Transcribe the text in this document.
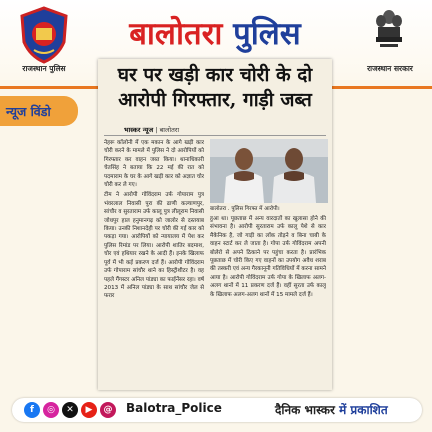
राजस्थान पुलिस
बालोतरा पुलिस
राजस्थान सरकार
न्यूज विंडो
घर पर खड़ी कार चोरी के दो आरोपी गिरफ्तार, गाड़ी जब्त
भास्कर न्यूज | बालोतरा

नेहरू कॉलोनी में एक मकान के आगे खड़ी कार चोरी करने के मामले में पुलिस ने दो आरोपियों को गिरफ्तार कर वाहन जब्त किया। थानाधिकारी चेतसिंह ने बताया कि 22 मई की रात को पदमाराम के घर के आगे खड़ी कार को अज्ञात चोर चोरी कर ले गए।

टीम ने आरोपी गोविंदराम उर्फ गोपाराम पुत्र भंवरलाल निवासी पुरा की ढाणी कल्याणपुर, सांचौर व सुरताराम उर्फ कालू पुत्र लीलूराम निवासी जोधपुर हाल हनुमानगढ़ को जालोर से दस्तयाब किया। उनकी निशानदेही पर चोरी की गई कार को पकड़ा गया। आरोपियों को न्यायालय में पेश कर पुलिस रिमांड पर लिया। आरोपी शातिर बदमाश, चोर एवं हथियार रखने के आदी हैं। इनके खिलाफ पूर्व में भी कई प्रकरण दर्ज हैं। आरोपी गोविंदराम उर्फ गोपाराम सांचौर थाने का हिस्ट्रीशीटर है। वह पहले गैंगस्टर अनिल पांड्या का फाईनेंसर रहा। वर्ष 2013 में अनिल पांड्या के साथ सांचौर जेल से फरार

बालोतरा . पुलिस गिरफ्त में आरोपी।

हुआ था। पूछताछ में अन्य वारदातों का खुलासा होने की संभावना है। आरोपी सुरताराम उर्फ कालू पेशे से कार मैकेनिक है, जो गाड़ी का लॉक तोड़ने व बिना चाबी के वाहन स्टार्ट कर ले जाता है। गोपा उर्फ गोविंदराम अपनी बोलेरो से अपने ठिकाने पर पहुंचा करता है। प्रारंभिक पूछताछ में चोरी किए गए वाहनों का उपयोग अवैध शराब की तस्करी एवं अन्य गैरकानूनी गतिविधियों में करना सामने आया है। आरोपी गोविंदराम उर्फ गोपा के खिलाफ अलग-अलग थानों में 11 प्रकरण दर्ज हैं। वहीं सुरता उर्फ कालू के खिलाफ अलग-अलग थानों में 15 मामले दर्ज हैं।

f	◎	✕	▶	@ Balotra_Police	दैनिक भास्कर में प्रकाशित
